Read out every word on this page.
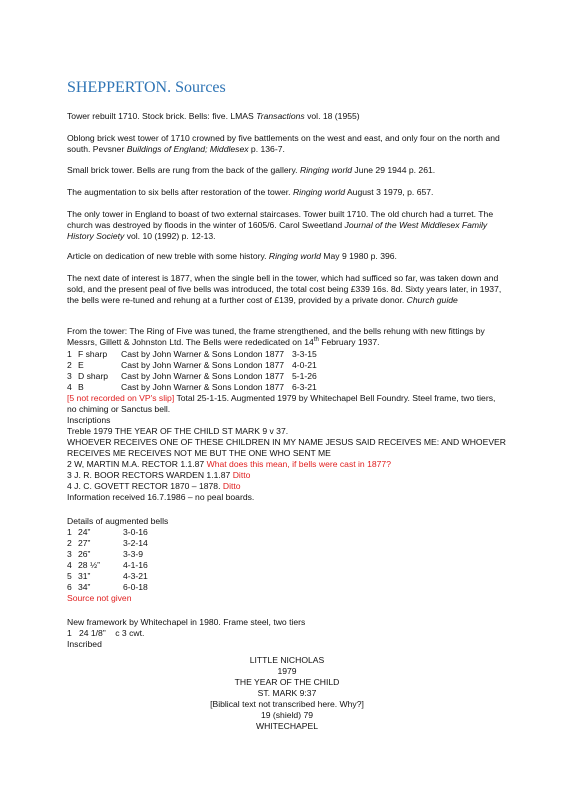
SHEPPERTON. Sources

Tower rebuilt 1710. Stock brick. Bells: five. LMAS Transactions vol. 18 (1955)

Oblong brick west tower of 1710 crowned by five battlements on the west and east, and only four on the north and south. Pevsner Buildings of England; Middlesex p. 136-7.

Small brick tower. Bells are rung from the back of the gallery. Ringing world June 29 1944 p. 261.

The augmentation to six bells after restoration of the tower. Ringing world August 3 1979, p. 657.

The only tower in England to boast of two external staircases. Tower built 1710. The old church had a turret. The church was destroyed by floods in the winter of 1605/6. Carol Sweetland Journal of the West Middlesex Family History Society vol. 10 (1992) p. 12-13.

Article on dedication of new treble with some history. Ringing world May 9 1980 p. 396.

The next date of interest is 1877, when the single bell in the tower, which had sufficed so far, was taken down and sold, and the present peal of five bells was introduced, the total cost being £339 16s. 8d. Sixty years later, in 1937, the bells were re-tuned and rehung at a further cost of £139, provided by a private donor. Church guide

From the tower: The Ring of Five was tuned, the frame strengthened, and the bells rehung with new fittings by Messrs, Gillett & Johnston Ltd. The Bells were rededicated on 14th February 1937.

1 F sharp Cast by John Warner & Sons London 1877 3-3-15
2 E	Cast by John Warner & Sons London 1877 4-0-21
3 D sharp Cast by John Warner & Sons London 1877 5-1-26
4 B	Cast by John Warner & Sons London 1877 6-3-21

[5 not recorded on VP's slip] Total 25-1-15. Augmented 1979 by Whitechapel Bell Foundry. Steel frame, two tiers, no chiming or Sanctus bell.

Inscriptions
Treble 1979 THE YEAR OF THE CHILD ST MARK 9 v 37.

WHOEVER RECEIVES ONE OF THESE CHILDREN IN MY NAME JESUS SAID RECEIVES ME: AND WHOEVER RECEIVES ME RECEIVES NOT ME BUT THE ONE WHO SENT ME

2 W, MARTIN M.A. RECTOR 1.1.87 What does this mean, if bells were cast in 1877?
3 J. R. BOOR RECTORS WARDEN 1.1.87 Ditto
4 J. C. GOVETT RECTOR 1870 – 1878. Ditto
Information received 16.7.1986 – no peal boards.
Details of augmented bells
1 24”	3-0-16
2 27”	3-2-14
3 26”	3-3-9
4 28 ½”	4-1-16
5 31”	4-3-21
6 34”	6-0-18
Source not given
New framework by Whitechapel in 1980. Frame steel, two tiers
1   24 1/8”    c 3 cwt.
Inscribed
LITTLE NICHOLAS
1979
THE YEAR OF THE CHILD
ST. MARK 9:37
[Biblical text not transcribed here. Why?]
19 (shield) 79
WHITECHAPEL
